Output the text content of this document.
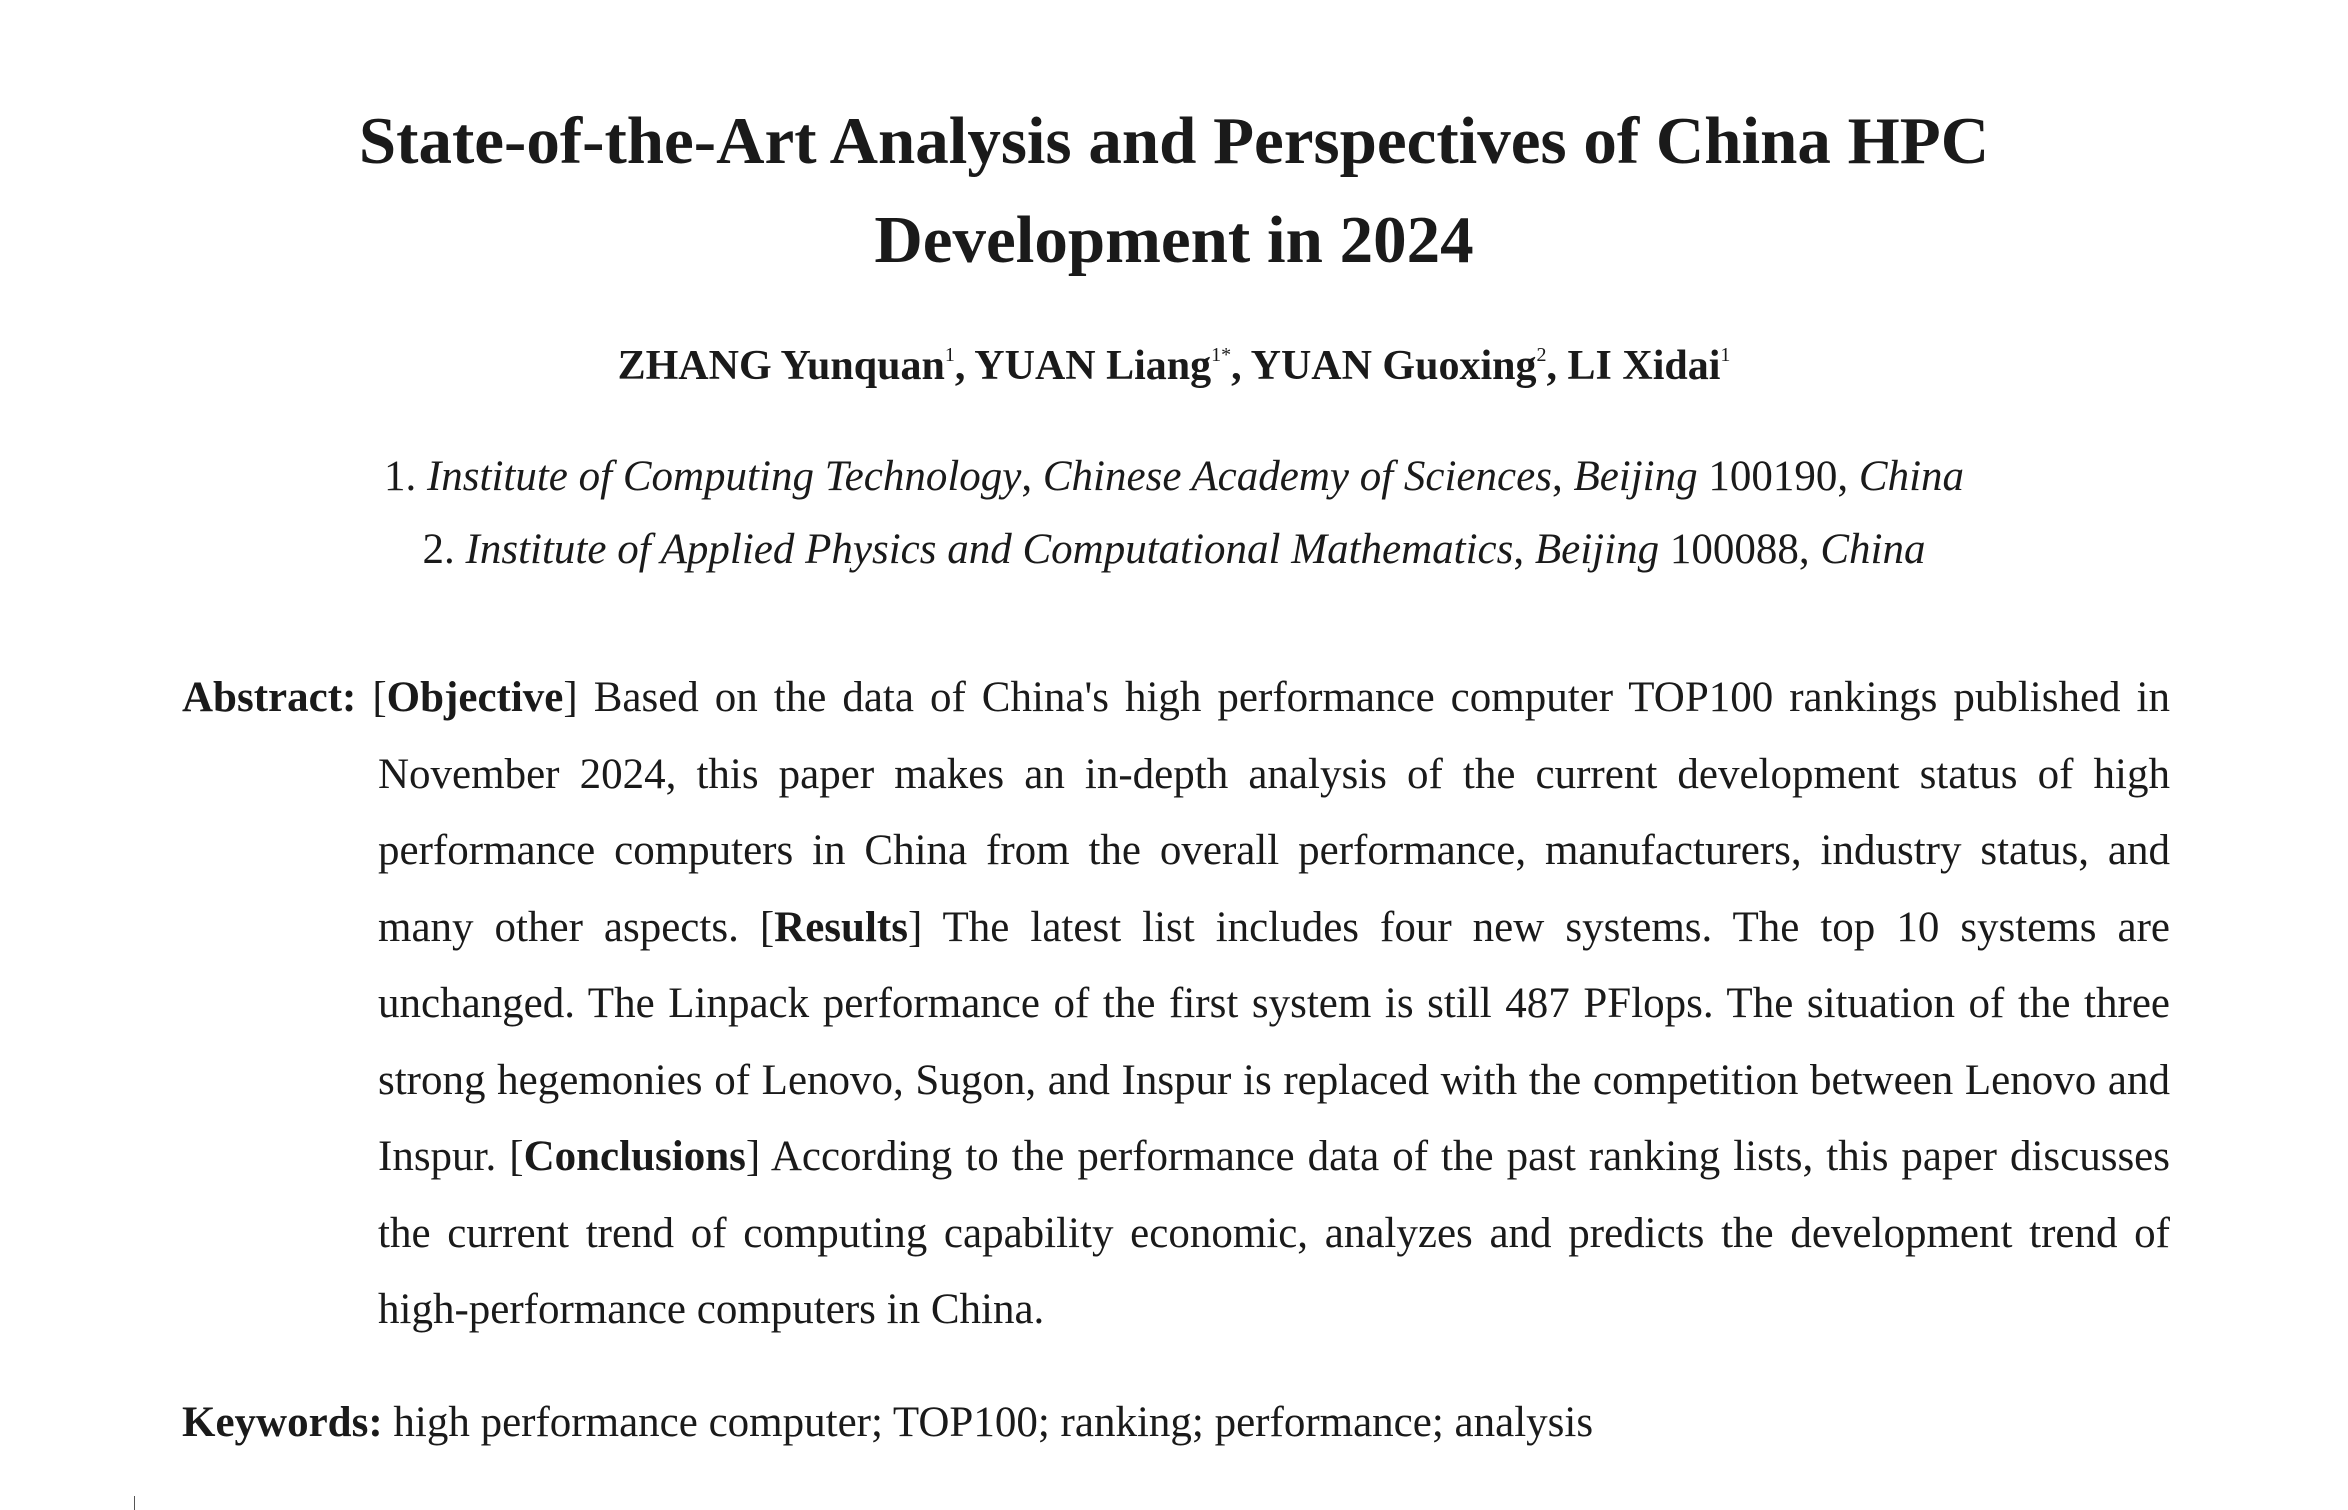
State-of-the-Art Analysis and Perspectives of China HPC
Development in 2024
ZHANG Yunquan$^1$, YUAN Liang$^{1*}$, YUAN Guoxing$^2$, LI Xidai$^1$
1. Institute of Computing Technology, Chinese Academy of Sciences, Beijing 100190, China
2. Institute of Applied Physics and Computational Mathematics, Beijing 100088, China

Abstract: [Objective] Based on the data of China's high performance computer TOP100 rankings published in November 2024, this paper makes an in-depth analysis of the current development status of high performance computers in China from the overall performance, manufacturers, industry status, and many other aspects. [Results] The latest list includes four new systems. The top 10 systems are unchanged. The Linpack performance of the first system is still 487 PFlops. The situation of the three strong hegemonies of Lenovo, Sugon, and Inspur is replaced with the competition between Lenovo and Inspur. [Conclusions] According to the performance data of the past ranking lists, this paper discusses the current trend of computing capability economic, analyzes and predicts the development trend of high-performance computers in China.

Keywords: high performance computer; TOP100; ranking; performance; analysis
